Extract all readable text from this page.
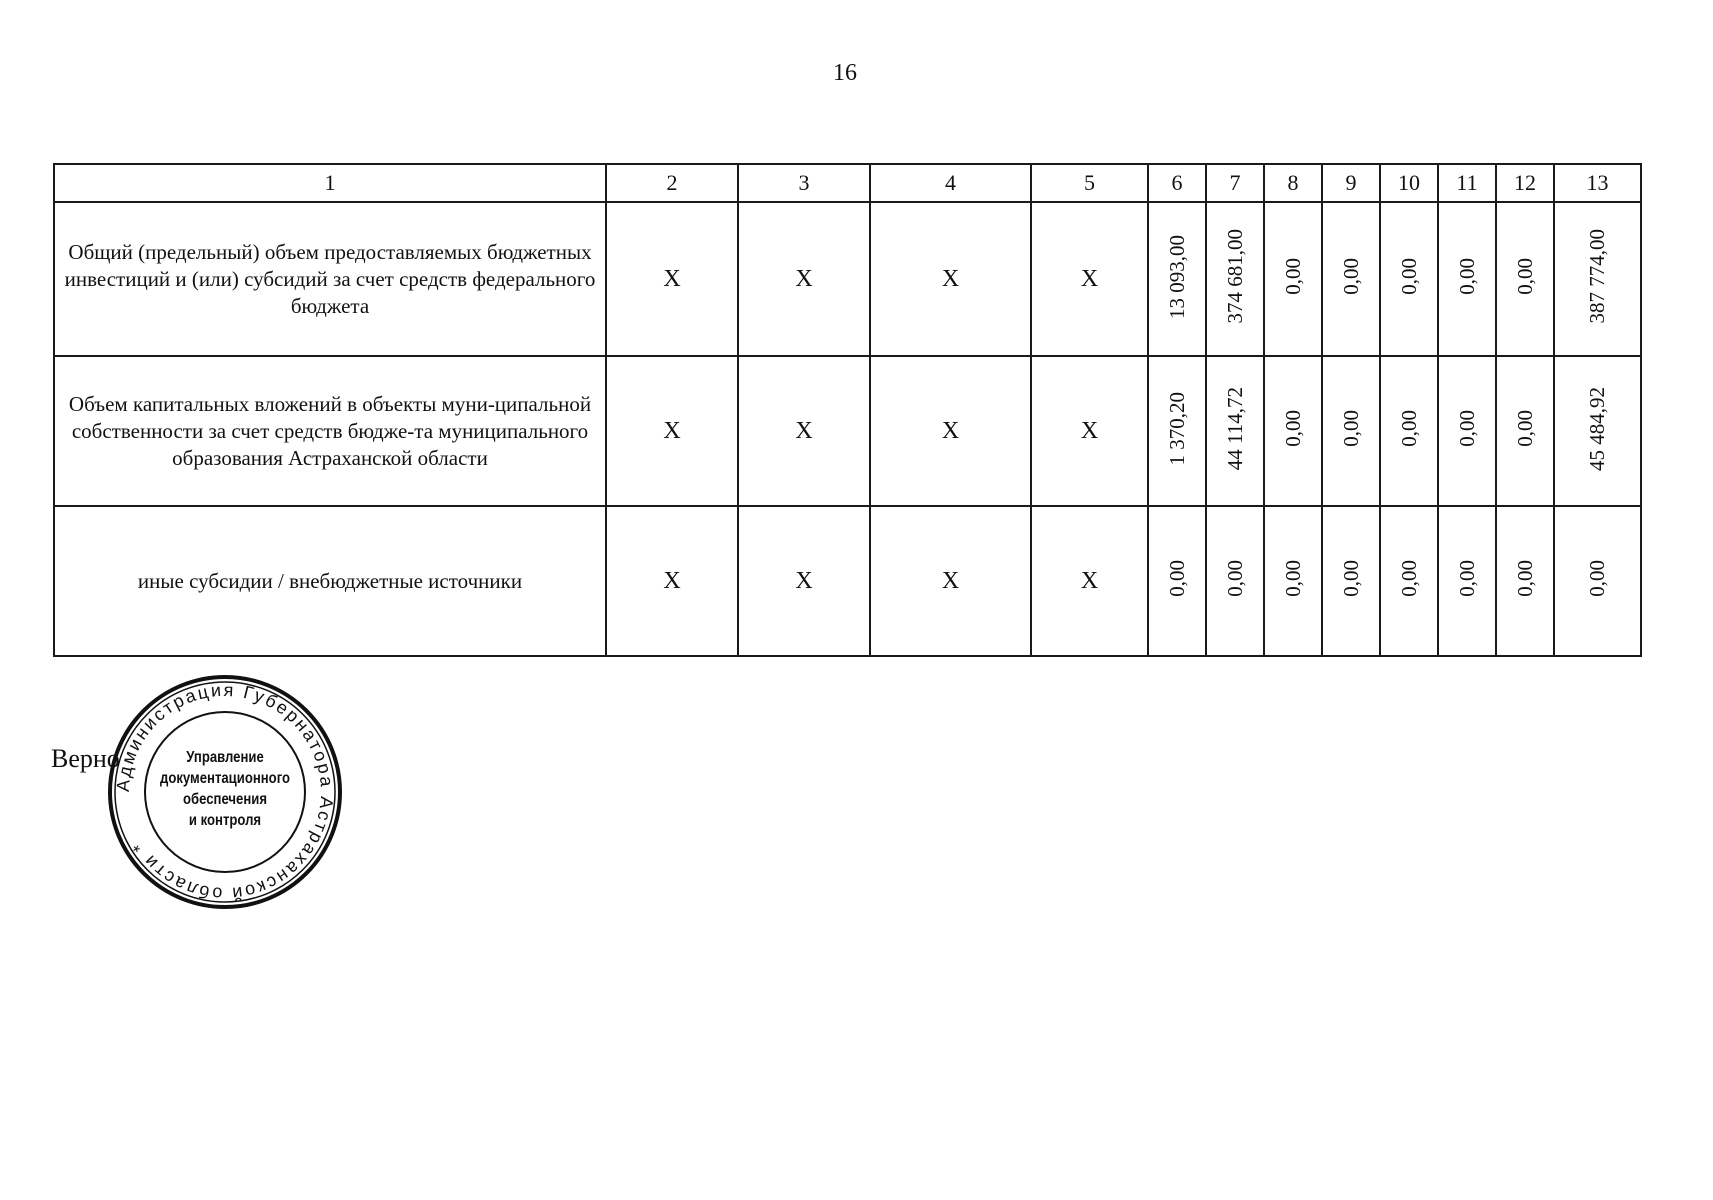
16
1	2	3	4	5	6	7	8	9	10	11	12	13
Общий (предельный) объем предоставляемых бюджетных инвестиций и (или) субсидий за счет средств федерального бюджета	Х	Х	Х	Х	13 093,00	374 681,00	0,00	0,00	0,00	0,00	0,00	387 774,00
Объем капитальных вложений в объекты муни-ципальной собственности за счет средств бюдже-та муниципального образования Астраханской области	Х	Х	Х	Х	1 370,20	44 114,72	0,00	0,00	0,00	0,00	0,00	45 484,92
иные субсидии / внебюджетные источники	Х	Х	Х	Х	0,00	0,00	0,00	0,00	0,00	0,00	0,00	0,00
Верно
Администрация Губернатора Астраханской области *
Управление
документационного
обеспечения
и контроля
